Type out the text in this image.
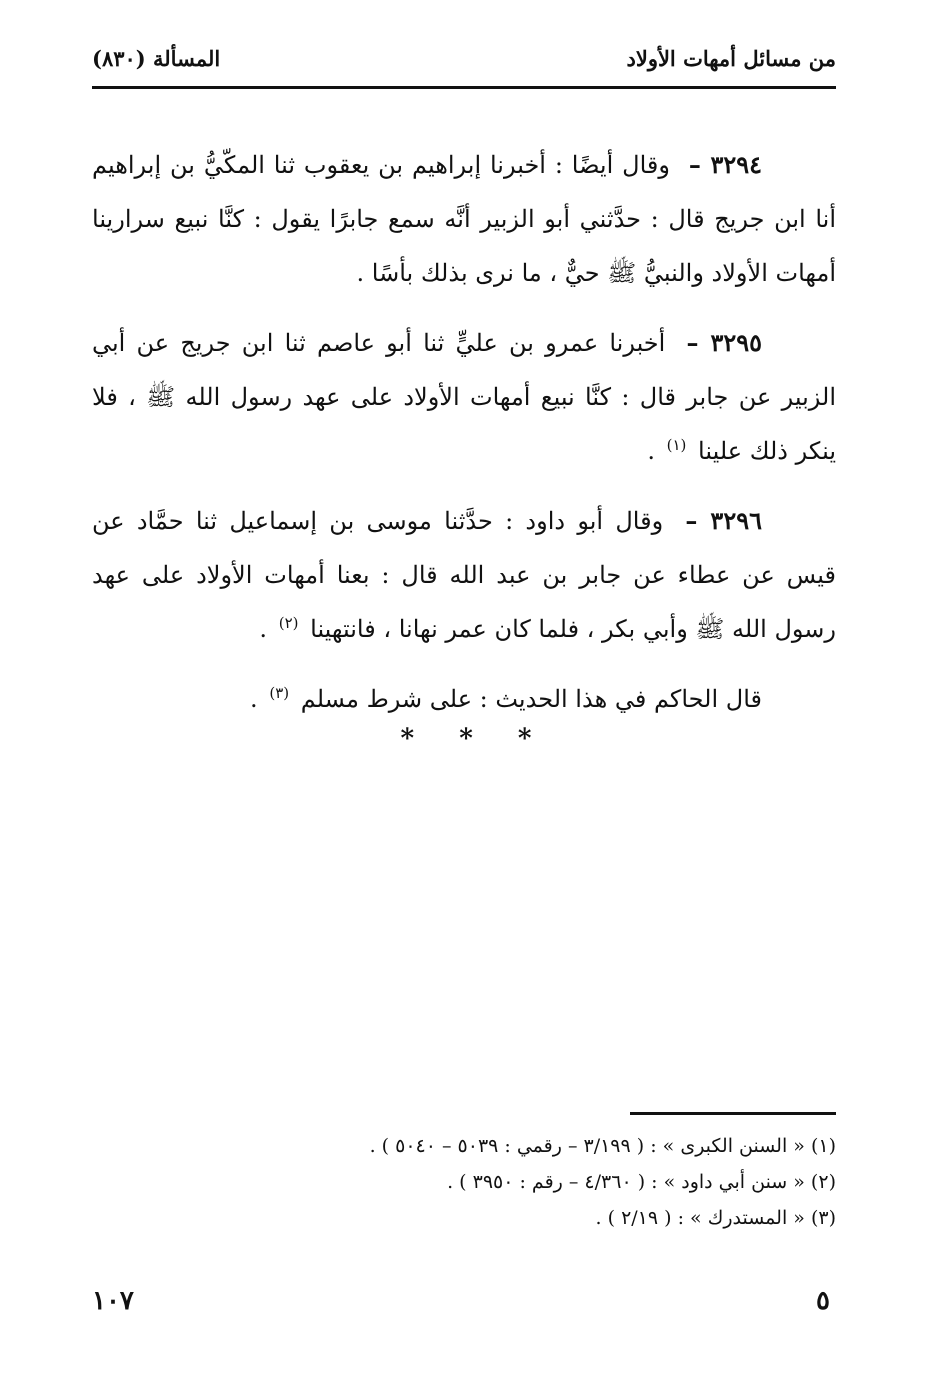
من مسائل أمهات الأولاد
المسألة (٨٣٠)

٣٢٩٤ – وقال أيضًا : أخبرنا إبراهيم بن يعقوب ثنا المكّيُّ بن إبراهيم أنا ابن جريج قال : حدَّثني أبو الزبير أنَّه سمع جابرًا يقول : كنَّا نبيع سرارينا أمهات الأولاد والنبيُّ ﷺ حيٌّ ، ما نرى بذلك بأسًا .

٣٢٩٥ – أخبرنا عمرو بن عليٍّ ثنا أبو عاصم ثنا ابن جريج عن أبي الزبير عن جابر قال : كنَّا نبيع أمهات الأولاد على عهد رسول الله ﷺ ، فلا ينكر ذلك علينا $^{(١)}$ .

٣٢٩٦ – وقال أبو داود : حدَّثنا موسى بن إسماعيل ثنا حمَّاد عن قيس عن عطاء عن جابر بن عبد الله قال : بعنا أمهات الأولاد على عهد رسول الله ﷺ وأبي بكر ، فلما كان عمر نهانا ، فانتهينا $^{(٢)}$ .

قال الحاكم في هذا الحديث : على شرط مسلم $^{(٣)}$ .

* * *
(١) « السنن الكبرى » : ( ٣/١٩٩ – رقمي : ٥٠٣٩ – ٥٠٤٠ ) .
(٢) « سنن أبي داود » : ( ٤/٣٦٠ – رقم : ٣٩٥٠ ) .
(٣) « المستدرك » : ( ٢/١٩ ) .
١٠٧	٥
